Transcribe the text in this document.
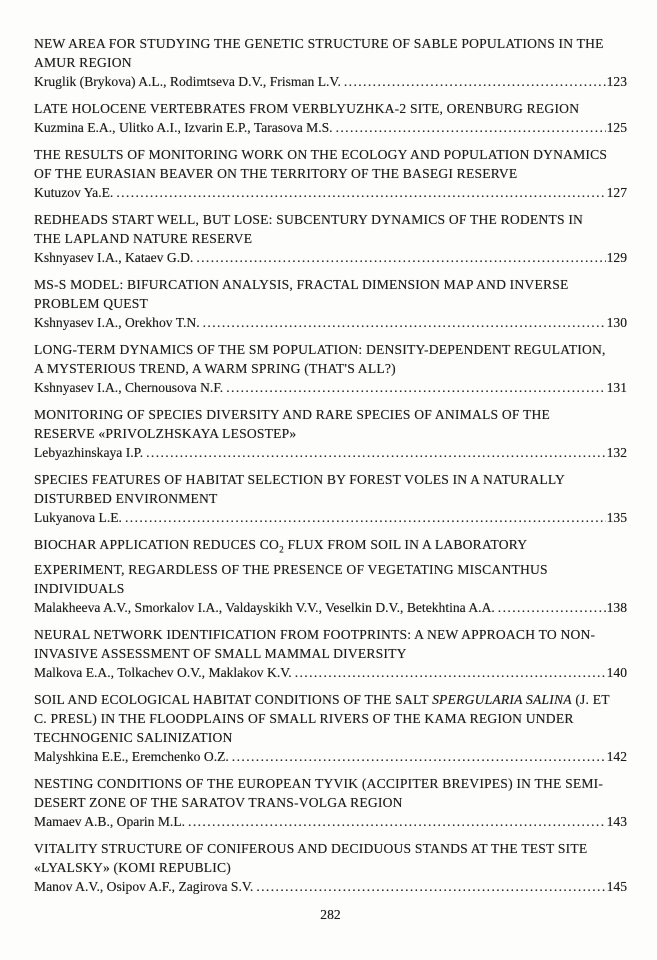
NEW AREA FOR STUDYING THE GENETIC STRUCTURE OF SABLE POPULATIONS IN THE AMUR REGION

Kruglik (Brykova) A.L., Rodimtseva D.V., Frisman L.V. .....	123

LATE HOLOCENE VERTEBRATES FROM VERBLYUZHKA-2 SITE, ORENBURG REGION

Kuzmina E.A., Ulitko A.I., Izvarin E.P., Tarasova M.S. .....	125

THE RESULTS OF MONITORING WORK ON THE ECOLOGY AND POPULATION DYNAMICS OF THE EURASIAN BEAVER ON THE TERRITORY OF THE BASEGI RESERVE

Kutuzov Ya.E. .....	127

REDHEADS START WELL, BUT LOSE: SUBCENTURY DYNAMICS OF THE RODENTS IN THE LAPLAND NATURE RESERVE

Kshnyasev I.A., Kataev G.D. .....	129

MS-S MODEL: BIFURCATION ANALYSIS, FRACTAL DIMENSION MAP AND INVERSE PROBLEM QUEST

Kshnyasev I.A., Orekhov T.N. .....	130

LONG-TERM DYNAMICS OF THE SM POPULATION: DENSITY-DEPENDENT REGULATION, A MYSTERIOUS TREND, A WARM SPRING (THAT'S ALL?)

Kshnyasev I.A., Chernousova N.F. .....	131

MONITORING OF SPECIES DIVERSITY AND RARE SPECIES OF ANIMALS OF THE RESERVE «PRIVOLZHSKAYA LESOSTEP»

Lebyazhinskaya I.P. .....	132

SPECIES FEATURES OF HABITAT SELECTION BY FOREST VOLES IN A NATURALLY DISTURBED ENVIRONMENT

Lukyanova L.E. .....	135

BIOCHAR APPLICATION REDUCES $CO_2$ FLUX FROM SOIL IN A LABORATORY EXPERIMENT, REGARDLESS OF THE PRESENCE OF VEGETATING MISCANTHUS INDIVIDUALS

Malakheeva A.V., Smorkalov I.A., Valdayskikh V.V., Veselkin D.V., Betekhtina A.A. .....	138

NEURAL NETWORK IDENTIFICATION FROM FOOTPRINTS: A NEW APPROACH TO NON-INVASIVE ASSESSMENT OF SMALL MAMMAL DIVERSITY

Malkova E.A., Tolkachev O.V., Maklakov K.V. .....	140

SOIL AND ECOLOGICAL HABITAT CONDITIONS OF THE SALT SPERGULARIA SALINA (J. ET C. PRESL) IN THE FLOODPLAINS OF SMALL RIVERS OF THE KAMA REGION UNDER TECHNOGENIC SALINIZATION

Malyshkina E.E., Eremchenko O.Z. .....	142

NESTING CONDITIONS OF THE EUROPEAN TYVIK (ACCIPITER BREVIPES) IN THE SEMI-DESERT ZONE OF THE SARATOV TRANS-VOLGA REGION

Mamaev A.B., Oparin M.L. .....	143

VITALITY STRUCTURE OF CONIFEROUS AND DECIDUOUS STANDS AT THE TEST SITE «LYALSKY» (KOMI REPUBLIC)

Manov A.V., Osipov A.F., Zagirova S.V. .....	145

282
